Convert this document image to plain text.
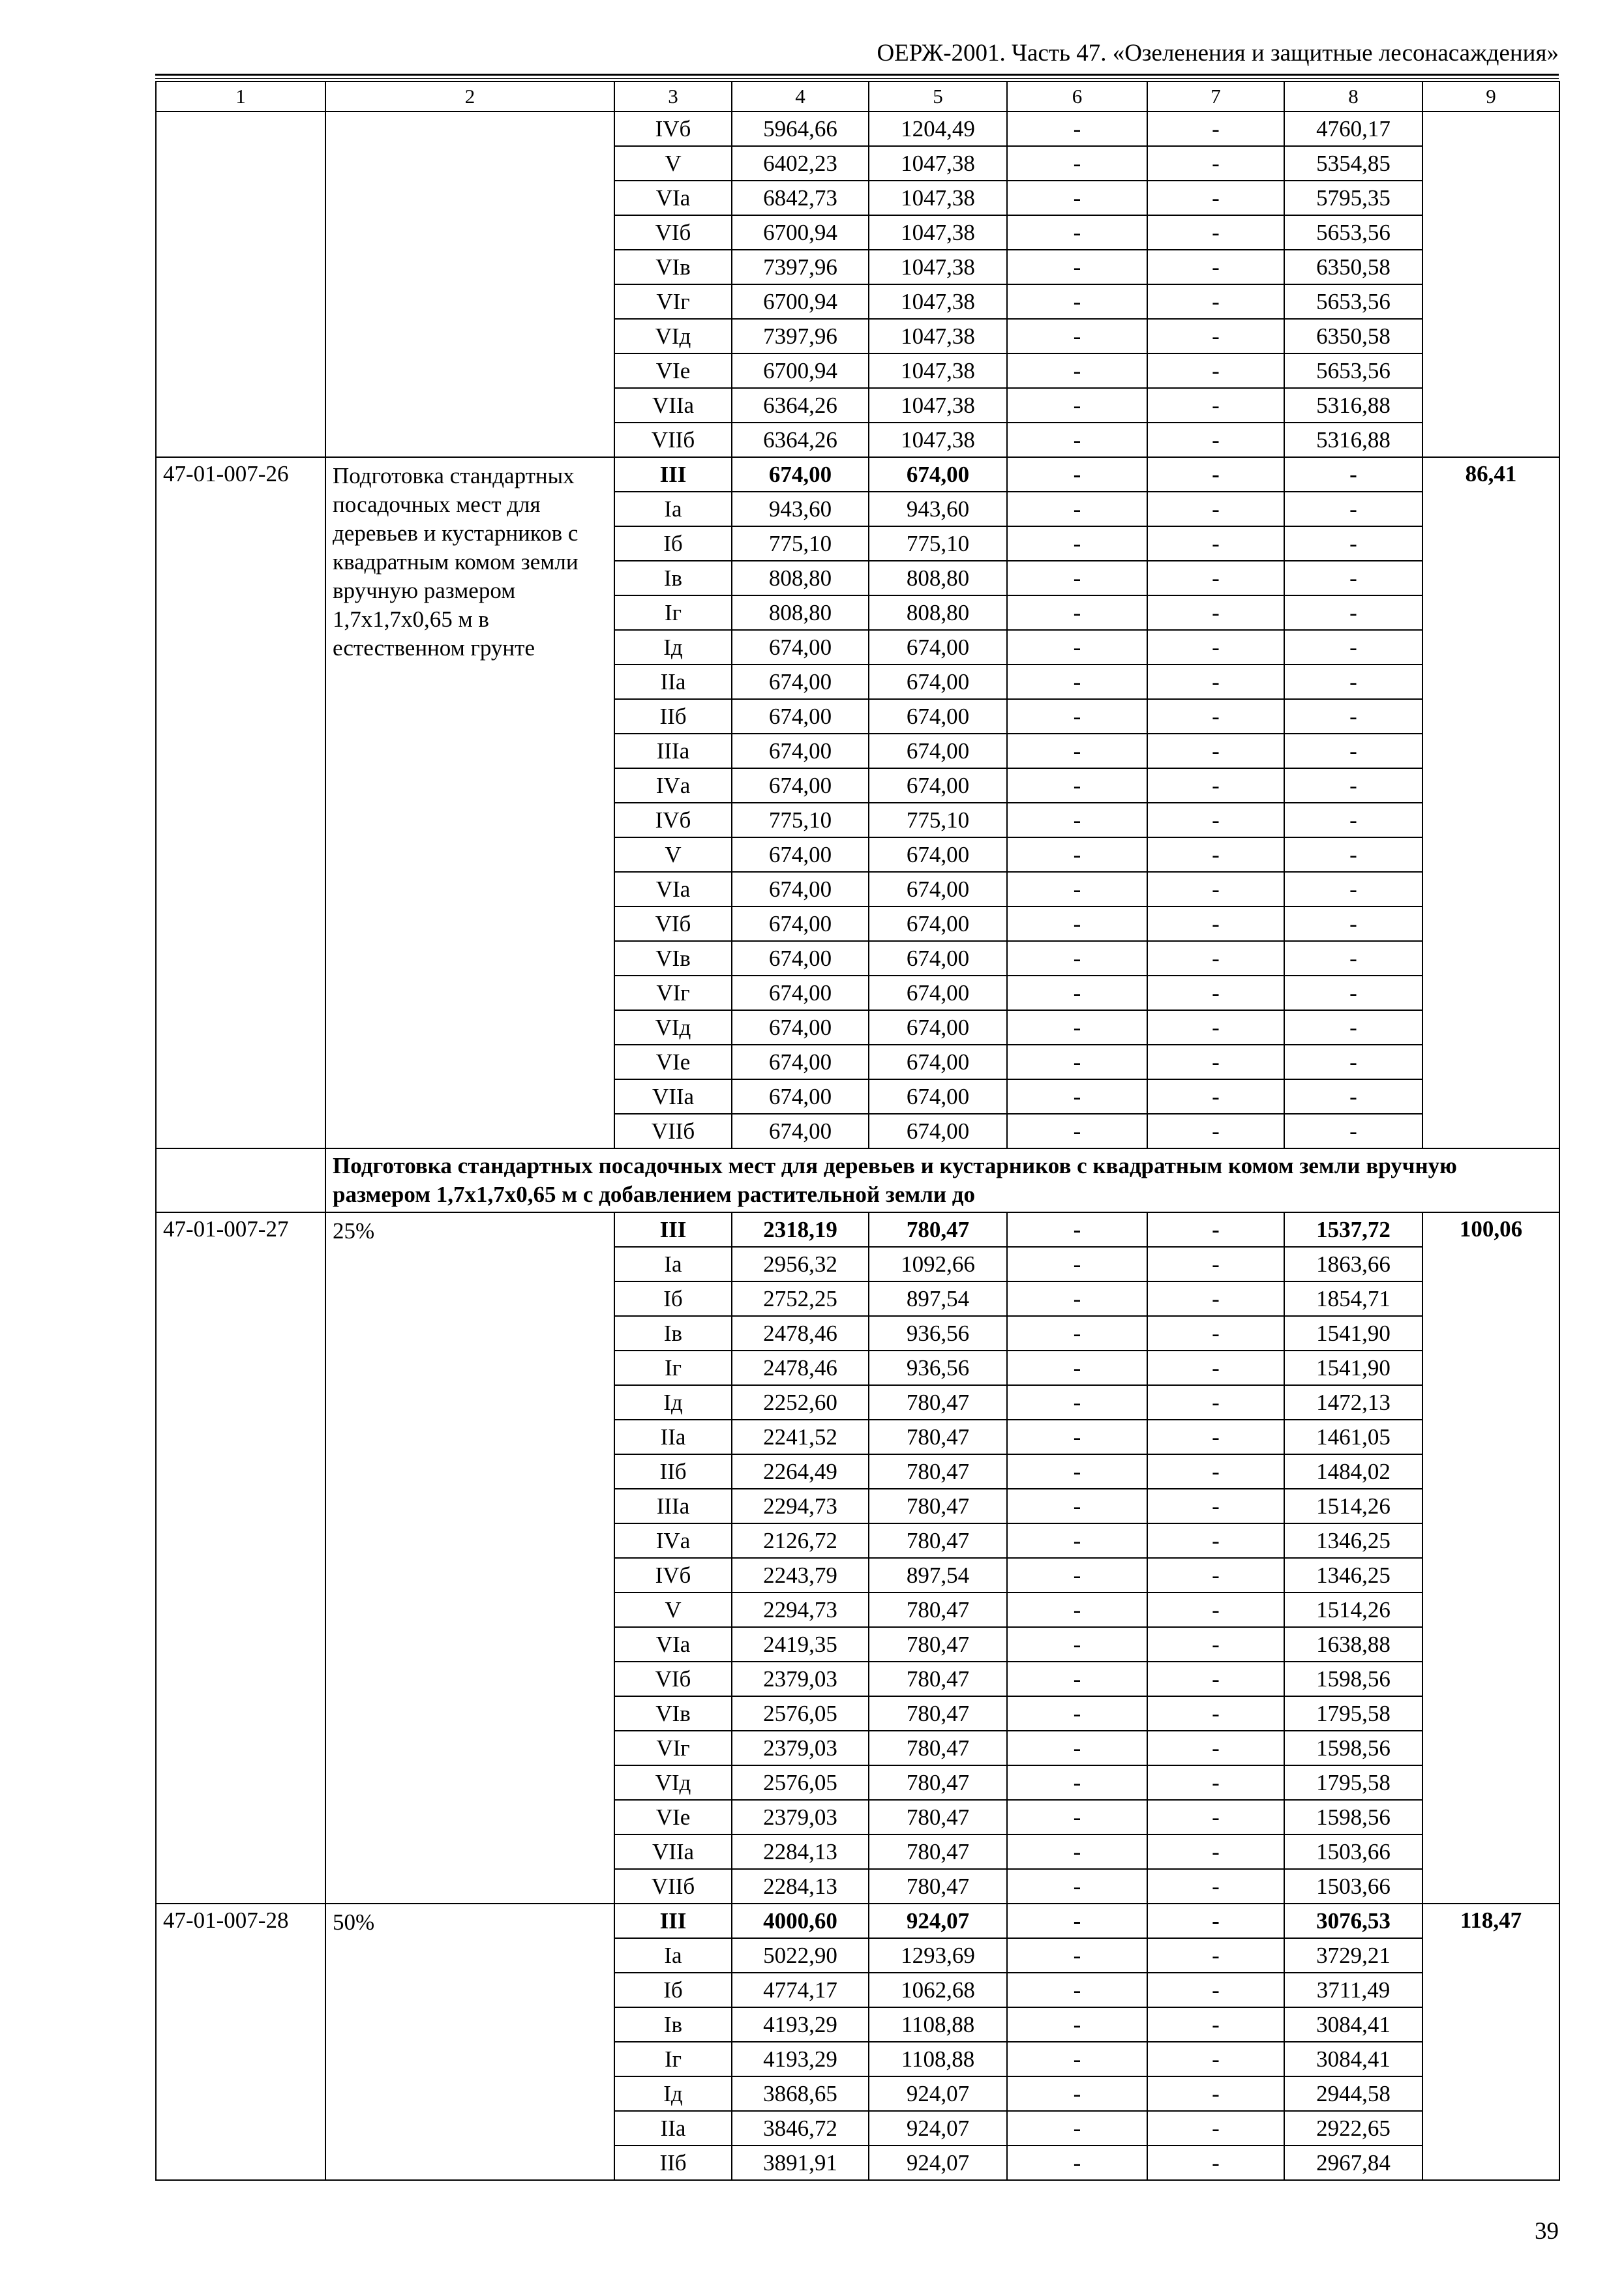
ОЕРЖ-2001. Часть 47. «Озеленения и защитные лесонасаждения»
1	2	3	4	5	6	7	8	9
		IVб	5964,66	1204,49	-	-	4760,17	
		V	6402,23	1047,38	-	-	5354,85	
		VIа	6842,73	1047,38	-	-	5795,35	
		VIб	6700,94	1047,38	-	-	5653,56	
		VIв	7397,96	1047,38	-	-	6350,58	
		VIг	6700,94	1047,38	-	-	5653,56	
		VIд	7397,96	1047,38	-	-	6350,58	
		VIе	6700,94	1047,38	-	-	5653,56	
		VIIа	6364,26	1047,38	-	-	5316,88	
		VIIб	6364,26	1047,38	-	-	5316,88	
47-01-007-26	Подготовка стандартных посадочных мест для деревьев и кустарников с квадратным комом земли вручную размером 1,7х1,7х0,65 м в естественном грунте	III	674,00	674,00	-	-	-	86,41
		Iа	943,60	943,60	-	-	-	
		Iб	775,10	775,10	-	-	-	
		Iв	808,80	808,80	-	-	-	
		Iг	808,80	808,80	-	-	-	
		Iд	674,00	674,00	-	-	-	
		IIа	674,00	674,00	-	-	-	
		IIб	674,00	674,00	-	-	-	
		IIIа	674,00	674,00	-	-	-	
		IVа	674,00	674,00	-	-	-	
		IVб	775,10	775,10	-	-	-	
		V	674,00	674,00	-	-	-	
		VIа	674,00	674,00	-	-	-	
		VIб	674,00	674,00	-	-	-	
		VIв	674,00	674,00	-	-	-	
		VIг	674,00	674,00	-	-	-	
		VIд	674,00	674,00	-	-	-	
		VIе	674,00	674,00	-	-	-	
		VIIа	674,00	674,00	-	-	-	
		VIIб	674,00	674,00	-	-	-	
	Подготовка стандартных посадочных мест для деревьев и кустарников с квадратным комом земли вручную размером 1,7х1,7х0,65 м с добавлением растительной земли до							
47-01-007-27	25%	III	2318,19	780,47	-	-	1537,72	100,06
		Iа	2956,32	1092,66	-	-	1863,66	
		Iб	2752,25	897,54	-	-	1854,71	
		Iв	2478,46	936,56	-	-	1541,90	
		Iг	2478,46	936,56	-	-	1541,90	
		Iд	2252,60	780,47	-	-	1472,13	
		IIа	2241,52	780,47	-	-	1461,05	
		IIб	2264,49	780,47	-	-	1484,02	
		IIIа	2294,73	780,47	-	-	1514,26	
		IVа	2126,72	780,47	-	-	1346,25	
		IVб	2243,79	897,54	-	-	1346,25	
		V	2294,73	780,47	-	-	1514,26	
		VIа	2419,35	780,47	-	-	1638,88	
		VIб	2379,03	780,47	-	-	1598,56	
		VIв	2576,05	780,47	-	-	1795,58	
		VIг	2379,03	780,47	-	-	1598,56	
		VIд	2576,05	780,47	-	-	1795,58	
		VIе	2379,03	780,47	-	-	1598,56	
		VIIа	2284,13	780,47	-	-	1503,66	
		VIIб	2284,13	780,47	-	-	1503,66	
47-01-007-28	50%	III	4000,60	924,07	-	-	3076,53	118,47
		Iа	5022,90	1293,69	-	-	3729,21	
		Iб	4774,17	1062,68	-	-	3711,49	
		Iв	4193,29	1108,88	-	-	3084,41	
		Iг	4193,29	1108,88	-	-	3084,41	
		Iд	3868,65	924,07	-	-	2944,58	
		IIа	3846,72	924,07	-	-	2922,65	
		IIб	3891,91	924,07	-	-	2967,84	
39
